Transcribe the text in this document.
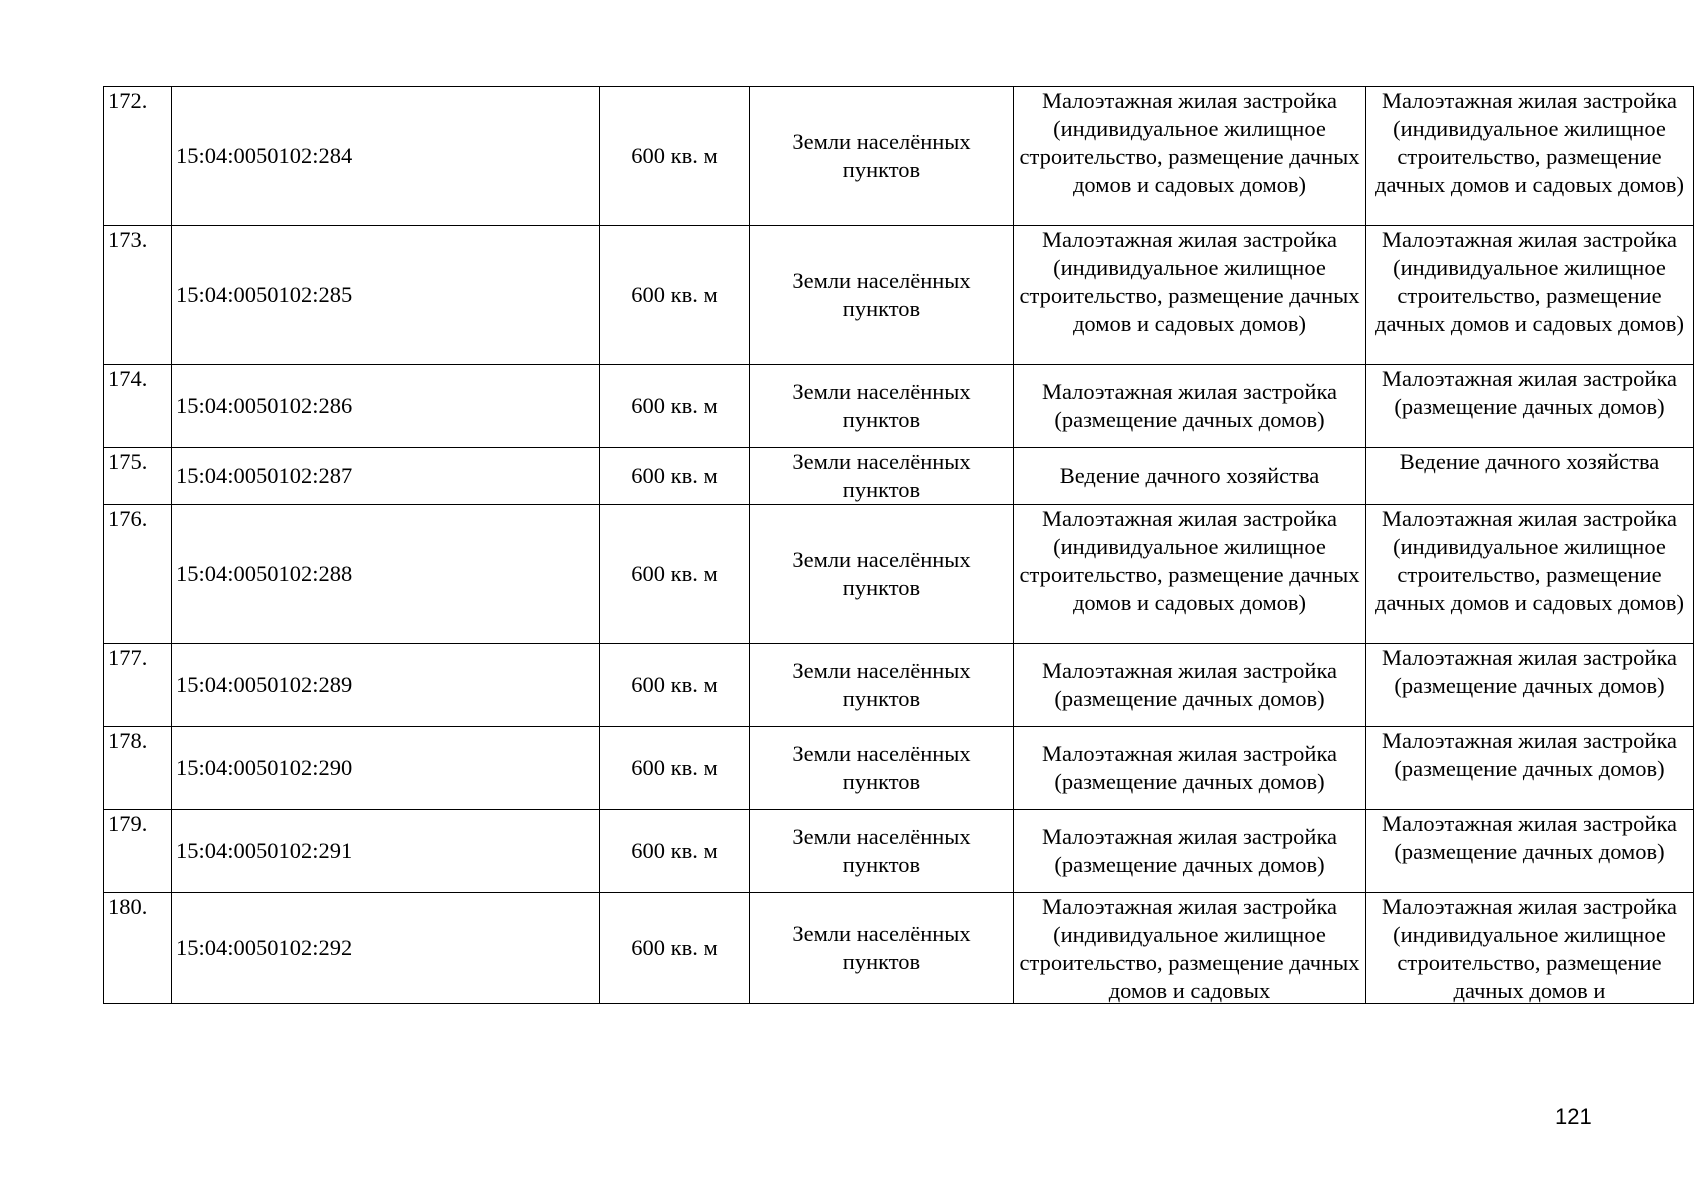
172.	15:04:0050102:284	600 кв. м	Земли населённых пунктов	Малоэтажная жилая застройка (индивидуальное жилищное строительство, размещение дачных домов и садовых домов)	Малоэтажная жилая застройка (индивидуальное жилищное строительство, размещение дачных домов и садовых домов)
173.	15:04:0050102:285	600 кв. м	Земли населённых пунктов	Малоэтажная жилая застройка (индивидуальное жилищное строительство, размещение дачных домов и садовых домов)	Малоэтажная жилая застройка (индивидуальное жилищное строительство, размещение дачных домов и садовых домов)
174.	15:04:0050102:286	600 кв. м	Земли населённых пунктов	Малоэтажная жилая застройка (размещение дачных домов)	Малоэтажная жилая застройка (размещение дачных домов)
175.	15:04:0050102:287	600 кв. м	Земли населённых пунктов	Ведение дачного хозяйства	Ведение дачного хозяйства
176.	15:04:0050102:288	600 кв. м	Земли населённых пунктов	Малоэтажная жилая застройка (индивидуальное жилищное строительство, размещение дачных домов и садовых домов)	Малоэтажная жилая застройка (индивидуальное жилищное строительство, размещение дачных домов и садовых домов)
177.	15:04:0050102:289	600 кв. м	Земли населённых пунктов	Малоэтажная жилая застройка (размещение дачных домов)	Малоэтажная жилая застройка (размещение дачных домов)
178.	15:04:0050102:290	600 кв. м	Земли населённых пунктов	Малоэтажная жилая застройка (размещение дачных домов)	Малоэтажная жилая застройка (размещение дачных домов)
179.	15:04:0050102:291	600 кв. м	Земли населённых пунктов	Малоэтажная жилая застройка (размещение дачных домов)	Малоэтажная жилая застройка (размещение дачных домов)
180.	15:04:0050102:292	600 кв. м	Земли населённых пунктов	Малоэтажная жилая застройка (индивидуальное жилищное строительство, размещение дачных домов и садовых	Малоэтажная жилая застройка (индивидуальное жилищное строительство, размещение дачных домов и
121
